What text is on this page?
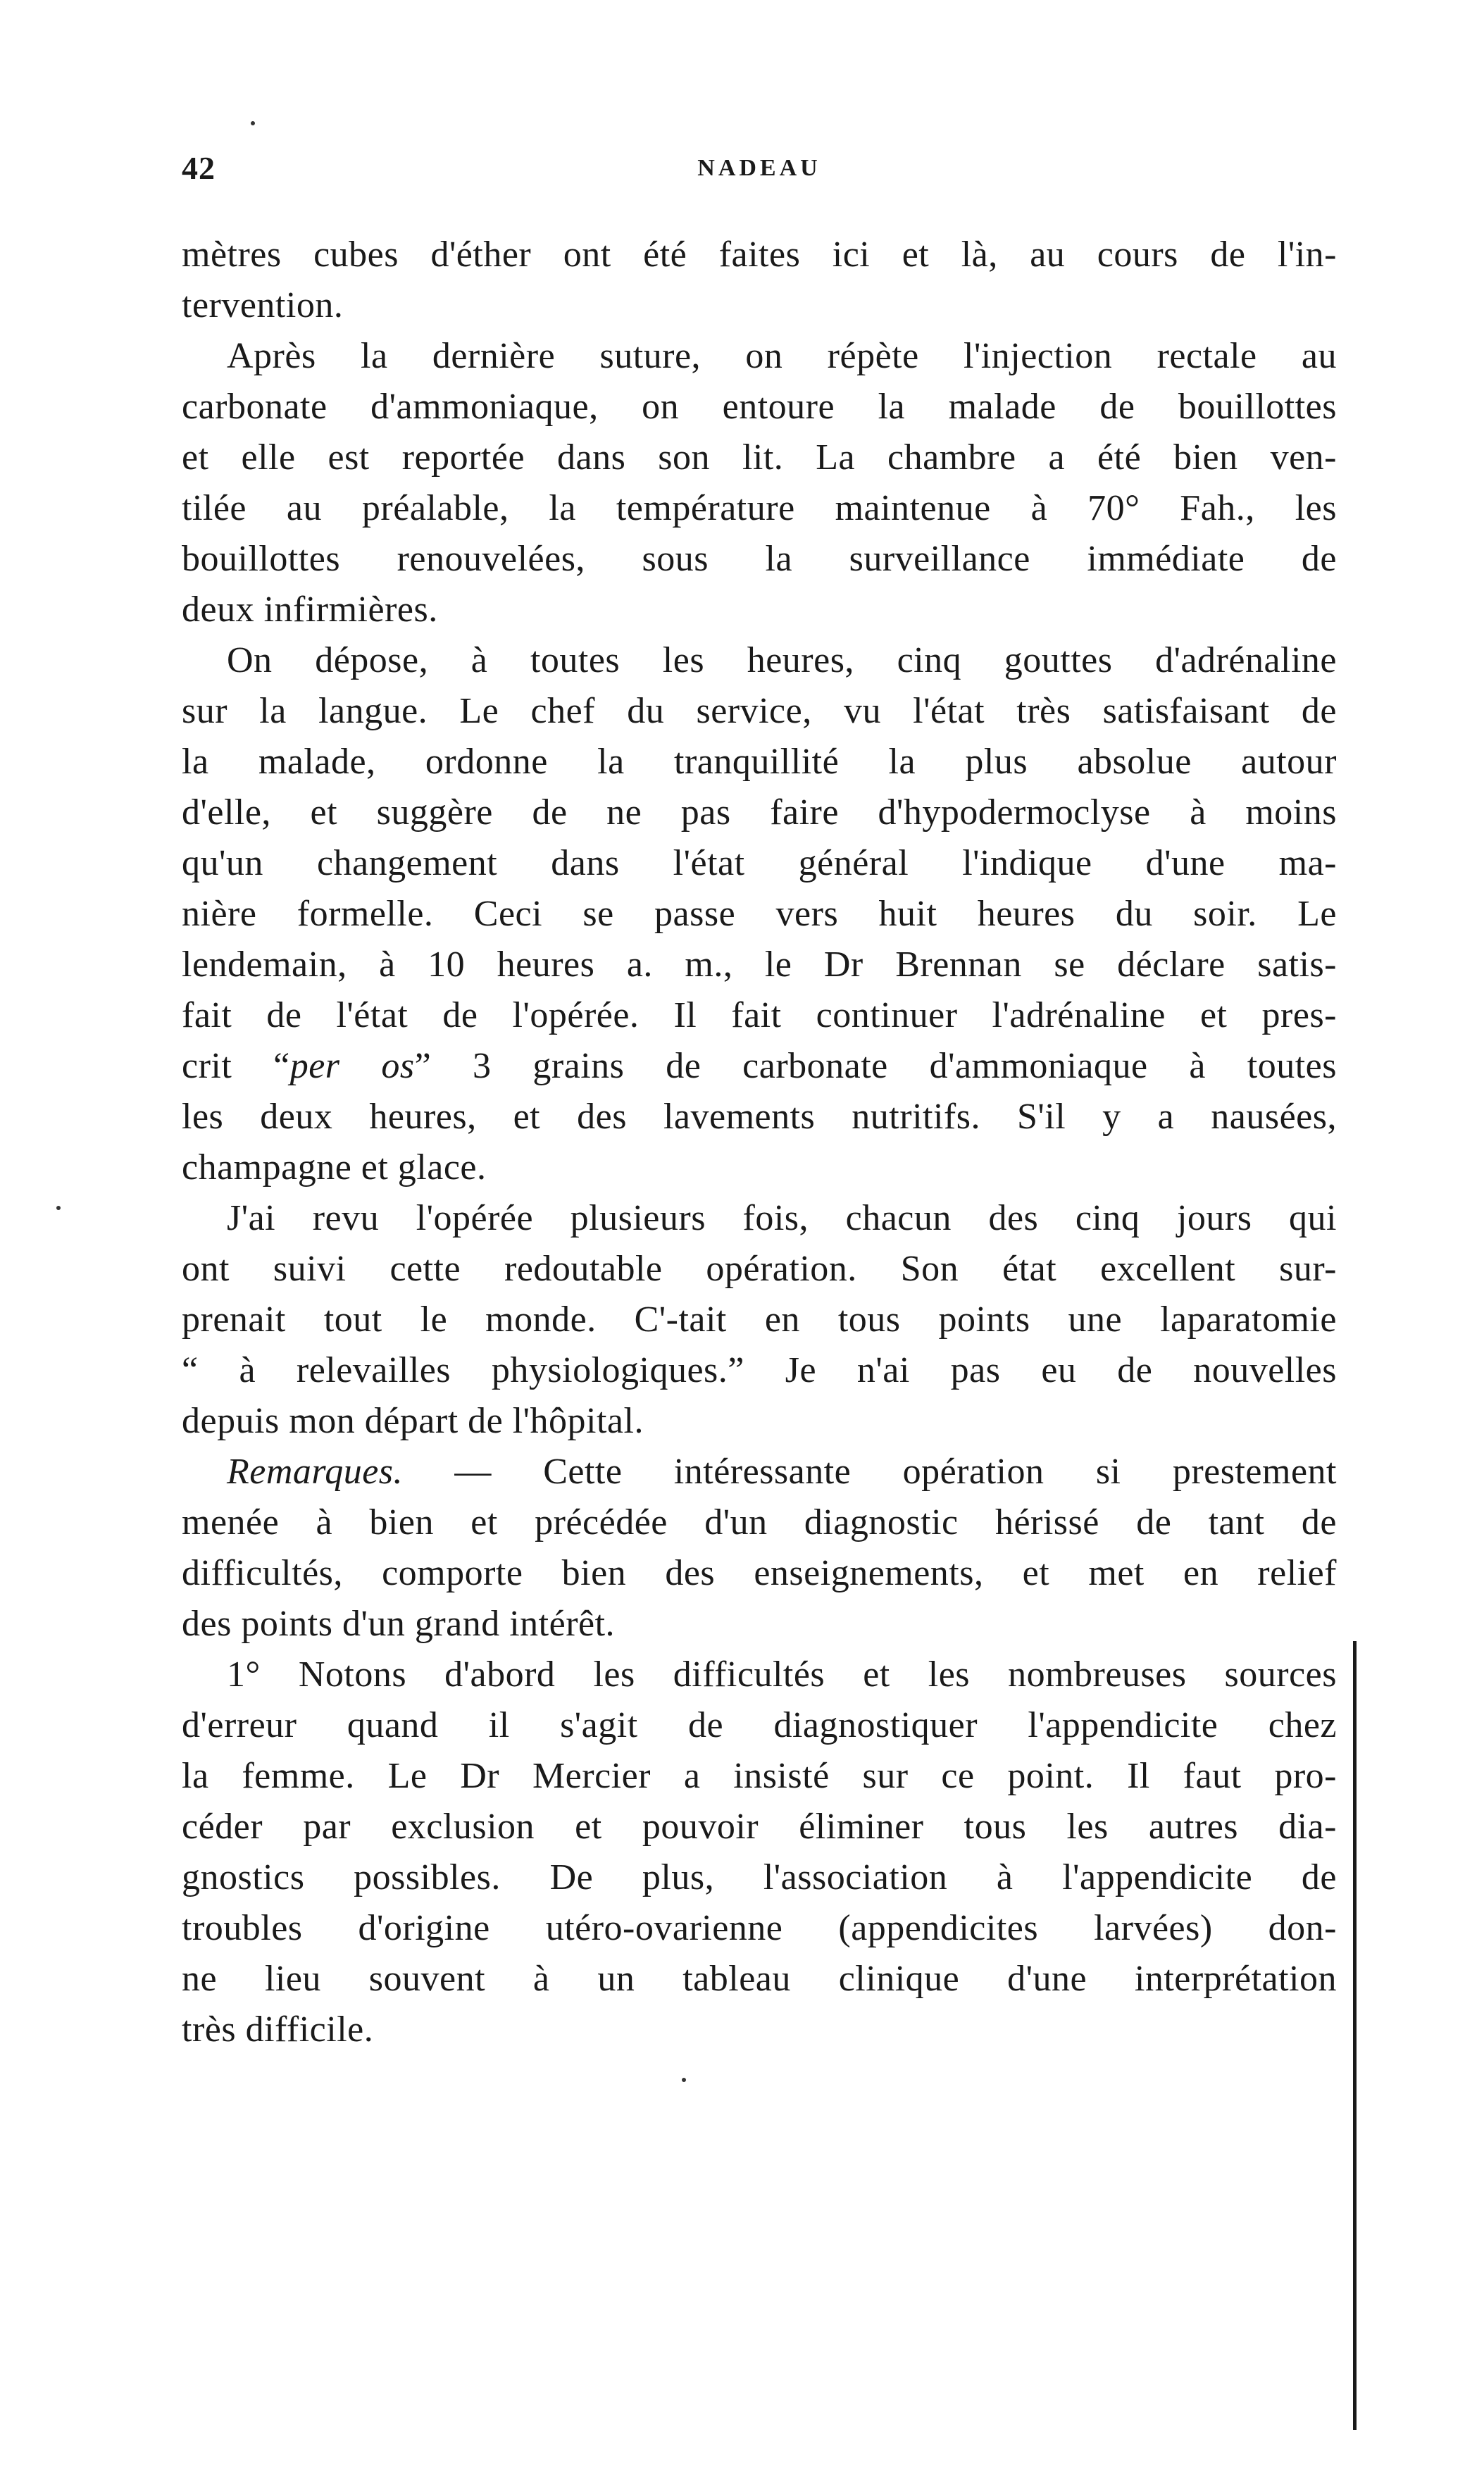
42	NADEAU
mètres cubes d'éther ont été faites ici et là, au cours de l'in-
tervention.
Après la dernière suture, on répète l'injection rectale au
carbonate d'ammoniaque, on entoure la malade de bouillottes
et elle est reportée dans son lit. La chambre a été bien ven-
tilée au préalable, la température maintenue à 70° Fah., les
bouillottes renouvelées, sous la surveillance immédiate de
deux infirmières.
On dépose, à toutes les heures, cinq gouttes d'adrénaline
sur la langue. Le chef du service, vu l'état très satisfaisant de
la malade, ordonne la tranquillité la plus absolue autour
d'elle, et suggère de ne pas faire d'hypodermoclyse à moins
qu'un changement dans l'état général l'indique d'une ma-
nière formelle. Ceci se passe vers huit heures du soir. Le
lendemain, à 10 heures a. m., le Dr Brennan se déclare satis-
fait de l'état de l'opérée. Il fait continuer l'adrénaline et pres-
crit “per os” 3 grains de carbonate d'ammoniaque à toutes
les deux heures, et des lavements nutritifs. S'il y a nausées,
champagne et glace.
J'ai revu l'opérée plusieurs fois, chacun des cinq jours qui
ont suivi cette redoutable opération. Son état excellent sur-
prenait tout le monde. C'-tait en tous points une laparatomie
“ à relevailles physiologiques.” Je n'ai pas eu de nouvelles
depuis mon départ de l'hôpital.
Remarques. — Cette intéressante opération si prestement
menée à bien et précédée d'un diagnostic hérissé de tant de
difficultés, comporte bien des enseignements, et met en relief
des points d'un grand intérêt.
1° Notons d'abord les difficultés et les nombreuses sources
d'erreur quand il s'agit de diagnostiquer l'appendicite chez
la femme. Le Dr Mercier a insisté sur ce point. Il faut pro-
céder par exclusion et pouvoir éliminer tous les autres dia-
gnostics possibles. De plus, l'association à l'appendicite de
troubles d'origine utéro-ovarienne (appendicites larvées) don-
ne lieu souvent à un tableau clinique d'une interprétation
très difficile.
